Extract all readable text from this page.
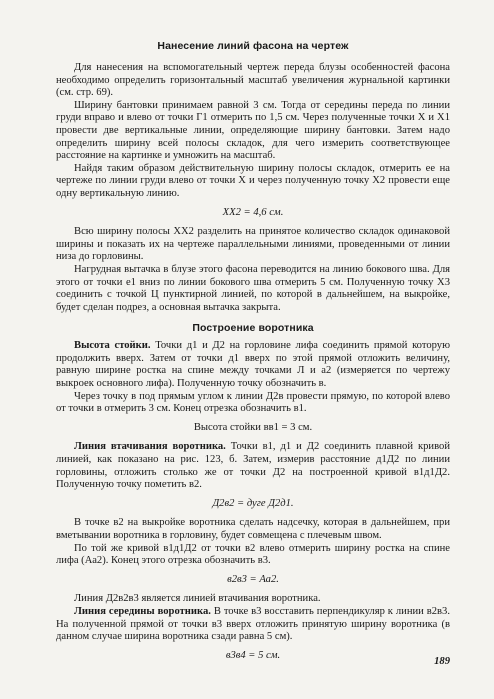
Нанесение линий фасона на чертеж

Для нанесения на вспомогательный чертеж переда блузы особенностей фасона необходимо определить горизонтальный масштаб увеличения журнальной картинки (см. стр. 69).

Ширину бантовки принимаем равной 3 см. Тогда от середины переда по линии груди вправо и влево от точки Г1 отмерить по 1,5 см. Через полученные точки X и X1 провести две вертикальные линии, определяющие ширину бантовки. Затем надо определить ширину всей полосы складок, для чего измерить соответствующее расстояние на картинке и умножить на масштаб.

Найдя таким образом действительную ширину полосы складок, отмерить ее на чертеже по линии груди влево от точки X и через полученную точку X2 провести еще одну вертикальную линию.

XX2 = 4,6 см.

Всю ширину полосы XX2 разделить на принятое количество складок одинаковой ширины и показать их на чертеже параллельными линиями, проведенными от линии низа до горловины.

Нагрудная вытачка в блузе этого фасона переводится на линию бокового шва. Для этого от точки е1 вниз по линии бокового шва отмерить 5 см. Полученную точку X3 соединить с точкой Ц пунктирной линией, по которой в дальнейшем, на выкройке, будет сделан подрез, а основная вытачка закрыта.

Построение воротника

Высота стойки. Точки д1 и Д2 на горловине лифа соединить прямой которую продолжить вверх. Затем от точки д1 вверх по этой прямой отложить величину, равную ширине ростка на спине между точками Л и а2 (измеряется по чертежу выкроек основного лифа). Полученную точку обозначить в.

Через точку в под прямым углом к линии Д2в провести прямую, по которой влево от точки в отмерить 3 см. Конец отрезка обозначить в1.

Высота стойки вв1 = 3 см.

Линия втачивания воротника. Точки в1, д1 и Д2 соединить плавной кривой линией, как показано на рис. 123, б. Затем, измерив расстояние д1Д2 по линии горловины, отложить столько же от точки Д2 на построенной кривой в1д1Д2. Полученную точку пометить в2.

Д2в2 = дуге Д2д1.

В точке в2 на выкройке воротника сделать надсечку, которая в дальнейшем, при вметывании воротника в горловину, будет совмещена с плечевым швом.

По той же кривой в1д1Д2 от точки в2 влево отмерить ширину ростка на спине лифа (Аа2). Конец этого отрезка обозначить в3.

в2в3 = Аа2.

Линия Д2в2в3 является линией втачивания воротника.

Линия середины воротника. В точке в3 восставить перпендикуляр к линии в2в3. На полученной прямой от точки в3 вверх отложить принятую ширину воротника (в данном случае ширина воротника сзади равна 5 см).

в3в4 = 5 см.
189
